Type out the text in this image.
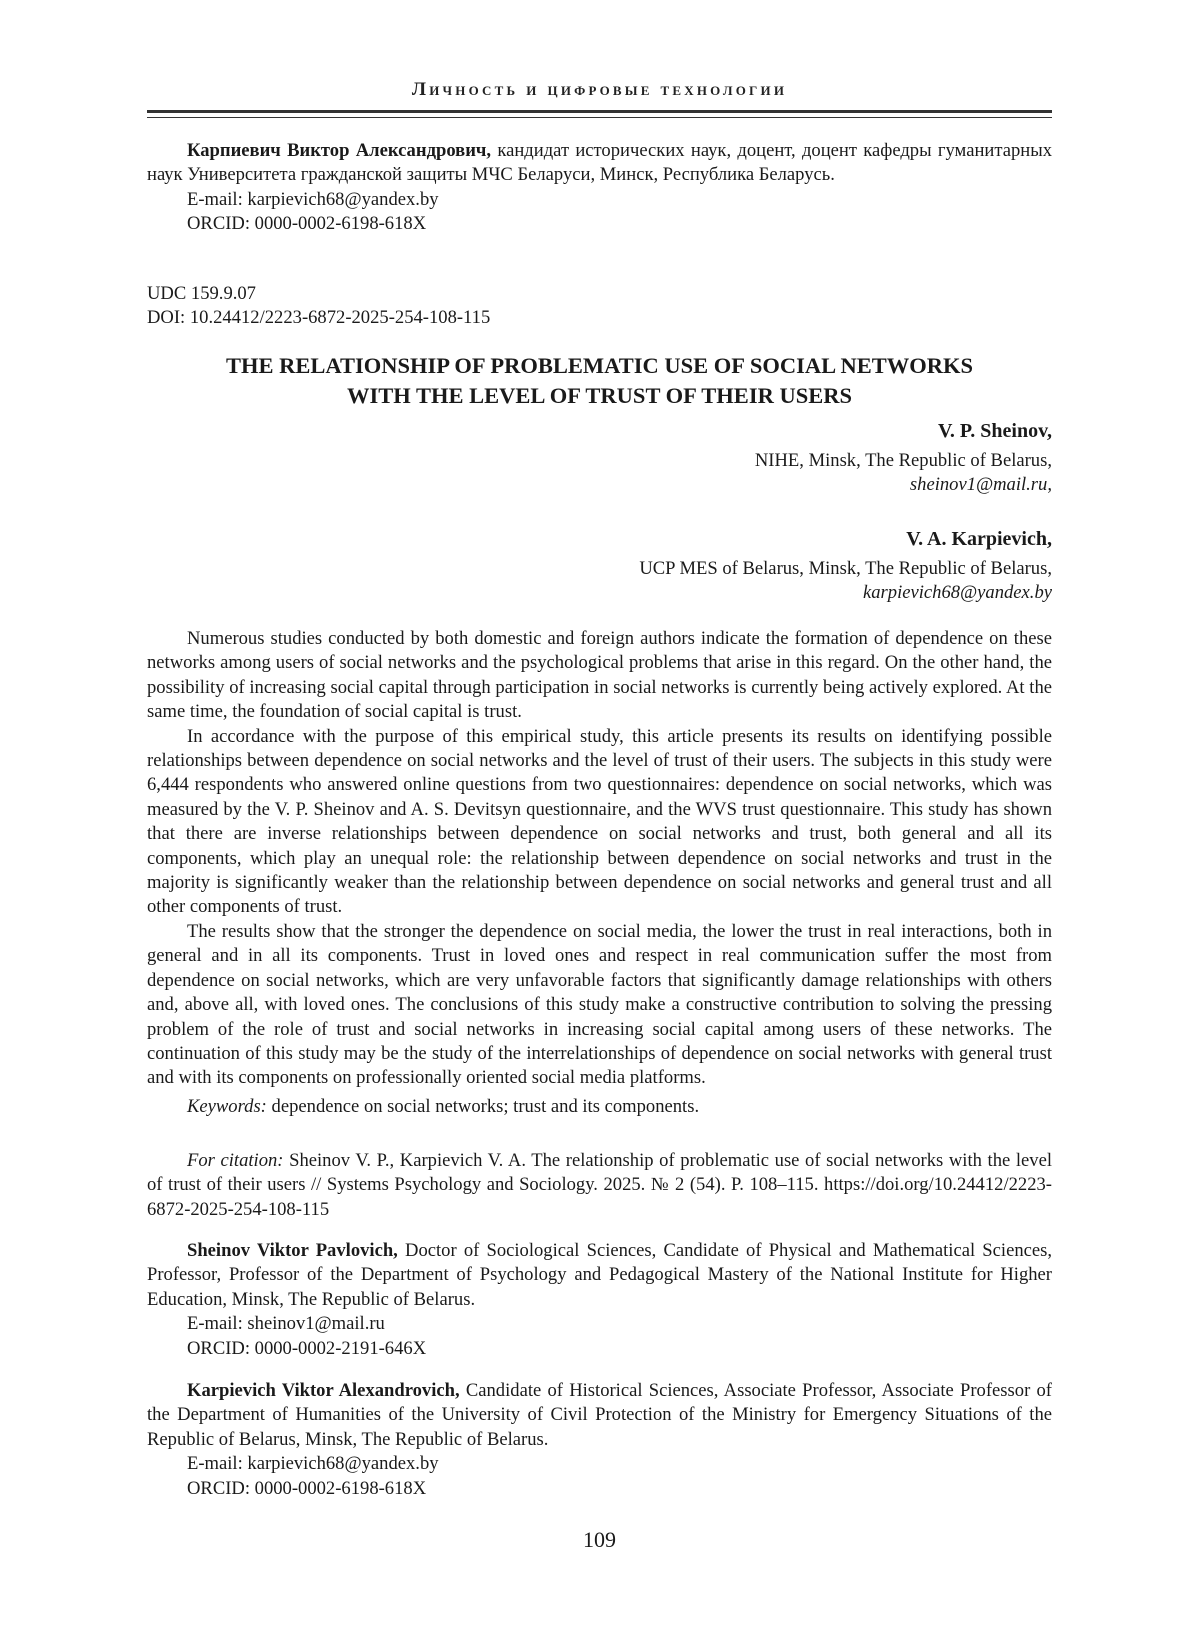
Личность и цифровые технологии

Карпиевич Виктор Александрович, кандидат исторических наук, доцент, доцент кафедры гуманитарных наук Университета гражданской защиты МЧС Беларуси, Минск, Республика Беларусь.

E-mail: karpievich68@yandex.by

ORCID: 0000-0002-6198-618X

UDC 159.9.07

DOI: 10.24412/2223-6872-2025-254-108-115

THE RELATIONSHIP OF PROBLEMATIC USE OF SOCIAL NETWORKS
WITH THE LEVEL OF TRUST OF THEIR USERS
V. P. Sheinov,
NIHE, Minsk, The Republic of Belarus,
sheinov1@mail.ru,
V. A. Karpievich,
UCP MES of Belarus, Minsk, The Republic of Belarus,
karpievich68@yandex.by

Numerous studies conducted by both domestic and foreign authors indicate the formation of dependence on these networks among users of social networks and the psychological problems that arise in this regard. On the other hand, the possibility of increasing social capital through participation in social networks is currently being actively explored. At the same time, the foundation of social capital is trust.

In accordance with the purpose of this empirical study, this article presents its results on identifying possible relationships between dependence on social networks and the level of trust of their users. The subjects in this study were 6,444 respondents who answered online questions from two questionnaires: dependence on social networks, which was measured by the V. P. Sheinov and A. S. Devitsyn questionnaire, and the WVS trust questionnaire. This study has shown that there are inverse relationships between dependence on social networks and trust, both general and all its components, which play an unequal role: the relationship between dependence on social networks and trust in the majority is significantly weaker than the relationship between dependence on social networks and general trust and all other components of trust.

The results show that the stronger the dependence on social media, the lower the trust in real interactions, both in general and in all its components. Trust in loved ones and respect in real communication suffer the most from dependence on social networks, which are very unfavorable factors that significantly damage relationships with others and, above all, with loved ones. The conclusions of this study make a constructive contribution to solving the pressing problem of the role of trust and social networks in increasing social capital among users of these networks. The continuation of this study may be the study of the interrelationships of dependence on social networks with general trust and with its components on professionally oriented social media platforms.

Keywords: dependence on social networks; trust and its components.

For citation: Sheinov V. P., Karpievich V. A. The relationship of problematic use of social networks with the level of trust of their users // Systems Psychology and Sociology. 2025. № 2 (54). P. 108–115. https://doi.org/10.24412/2223-6872-2025-254-108-115

Sheinov Viktor Pavlovich, Doctor of Sociological Sciences, Candidate of Physical and Mathematical Sciences, Professor, Professor of the Department of Psychology and Pedagogical Mastery of the National Institute for Higher Education, Minsk, The Republic of Belarus.

E-mail: sheinov1@mail.ru

ORCID: 0000-0002-2191-646X

Karpievich Viktor Alexandrovich, Candidate of Historical Sciences, Associate Professor, Associate Professor of the Department of Humanities of the University of Civil Protection of the Ministry for Emergency Situations of the Republic of Belarus, Minsk, The Republic of Belarus.

E-mail: karpievich68@yandex.by

ORCID: 0000-0002-6198-618X

109
